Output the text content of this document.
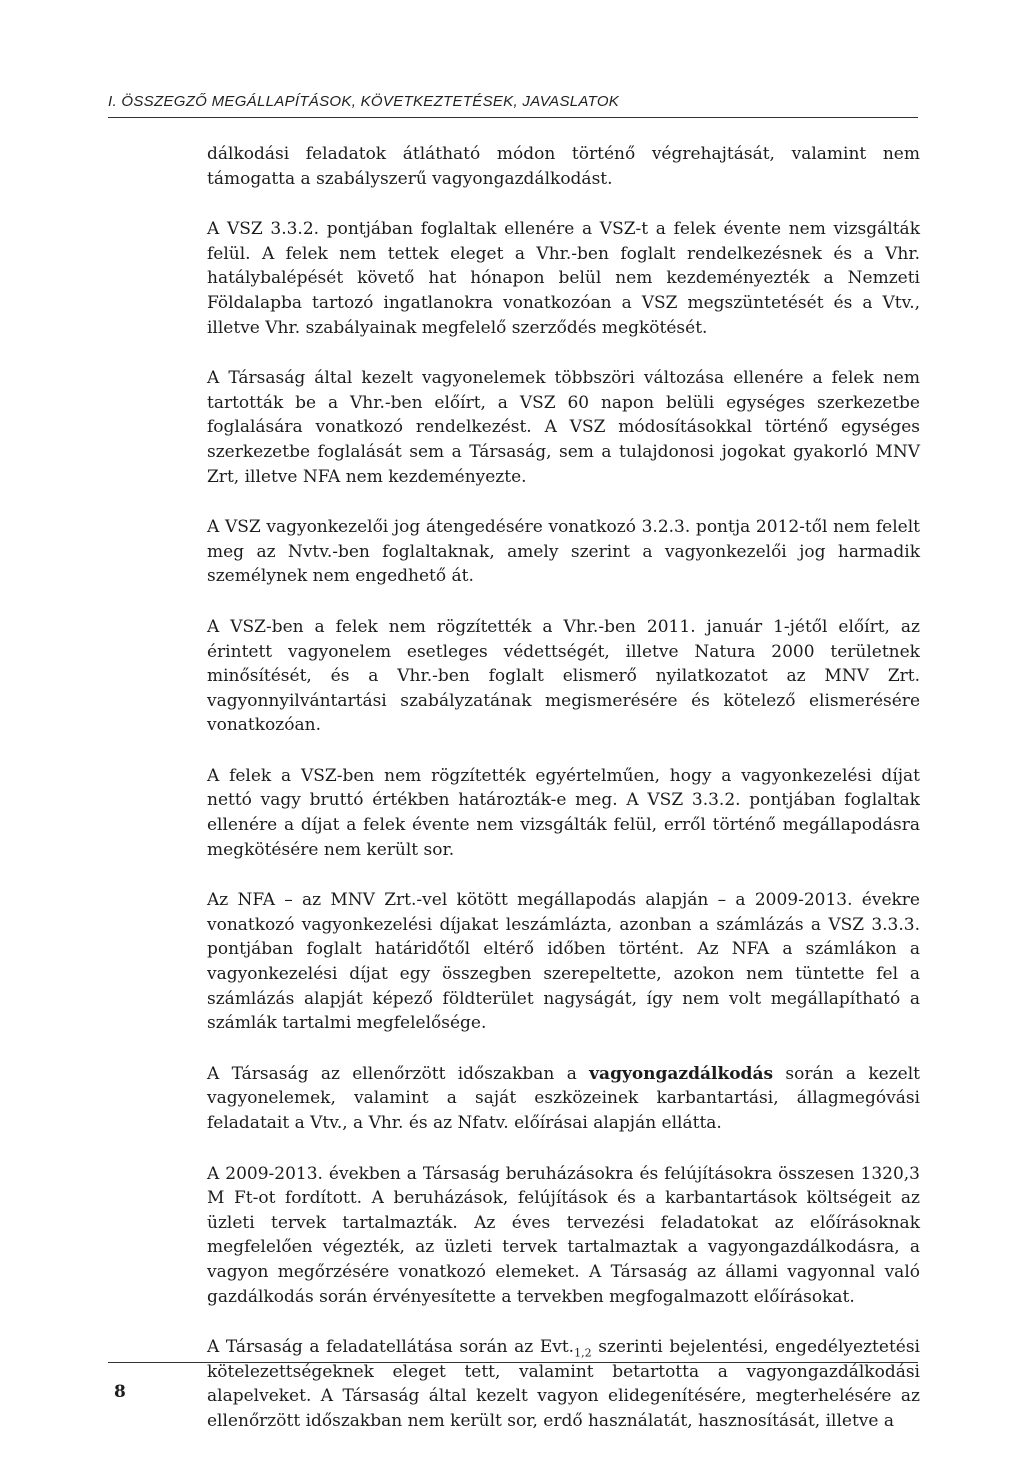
I. ÖSSZEGZŐ MEGÁLLAPÍTÁSOK, KÖVETKEZTETÉSEK, JAVASLATOK

dálkodási feladatok átlátható módon történő végrehajtását, valamint nem támogatta a szabályszerű vagyongazdálkodást.

A VSZ 3.3.2. pontjában foglaltak ellenére a VSZ-t a felek évente nem vizsgálták felül. A felek nem tettek eleget a Vhr.-ben foglalt rendelkezésnek és a Vhr. hatálybalépését követő hat hónapon belül nem kezdeményezték a Nemzeti Földalapba tartozó ingatlanokra vonatkozóan a VSZ megszüntetését és a Vtv., illetve Vhr. szabályainak megfelelő szerződés megkötését.

A Társaság által kezelt vagyonelemek többszöri változása ellenére a felek nem tartották be a Vhr.-ben előírt, a VSZ 60 napon belüli egységes szerkezetbe foglalására vonatkozó rendelkezést. A VSZ módosításokkal történő egységes szerkezetbe foglalását sem a Társaság, sem a tulajdonosi jogokat gyakorló MNV Zrt, illetve NFA nem kezdeményezte.

A VSZ vagyonkezelői jog átengedésére vonatkozó 3.2.3. pontja 2012-től nem felelt meg az Nvtv.-ben foglaltaknak, amely szerint a vagyonkezelői jog harmadik személynek nem engedhető át.

A VSZ-ben a felek nem rögzítették a Vhr.-ben 2011. január 1-jétől előírt, az érintett vagyonelem esetleges védettségét, illetve Natura 2000 területnek minősítését, és a Vhr.-ben foglalt elismerő nyilatkozatot az MNV Zrt. vagyonnyilvántartási szabályzatának megismerésére és kötelező elismerésére vonatkozóan.

A felek a VSZ-ben nem rögzítették egyértelműen, hogy a vagyonkezelési díjat nettó vagy bruttó értékben határozták-e meg. A VSZ 3.3.2. pontjában foglaltak ellenére a díjat a felek évente nem vizsgálták felül, erről történő megállapodásra megkötésére nem került sor.

Az NFA – az MNV Zrt.-vel kötött megállapodás alapján – a 2009-2013. évekre vonatkozó vagyonkezelési díjakat leszámlázta, azonban a számlázás a VSZ 3.3.3. pontjában foglalt határidőtől eltérő időben történt. Az NFA a számlákon a vagyonkezelési díjat egy összegben szerepeltette, azokon nem tüntette fel a számlázás alapját képező földterület nagyságát, így nem volt megállapítható a számlák tartalmi megfelelősége.

A Társaság az ellenőrzött időszakban a vagyongazdálkodás során a kezelt vagyonelemek, valamint a saját eszközeinek karbantartási, állagmegóvási feladatait a Vtv., a Vhr. és az Nfatv. előírásai alapján ellátta.

A 2009-2013. években a Társaság beruházásokra és felújításokra összesen 1320,3 M Ft-ot fordított. A beruházások, felújítások és a karbantartások költségeit az üzleti tervek tartalmazták. Az éves tervezési feladatokat az előírásoknak megfelelően végezték, az üzleti tervek tartalmaztak a vagyongazdálkodásra, a vagyon megőrzésére vonatkozó elemeket. A Társaság az állami vagyonnal való gazdálkodás során érvényesítette a tervekben megfogalmazott előírásokat.

A Társaság a feladatellátása során az $Evt._{1,2}$ szerinti bejelentési, engedélyeztetési kötelezettségeknek eleget tett, valamint betartotta a vagyongazdálkodási alapelveket. A Társaság által kezelt vagyon elidegenítésére, megterhelésére az ellenőrzött időszakban nem került sor, erdő használatát, hasznosítását, illetve a

8
